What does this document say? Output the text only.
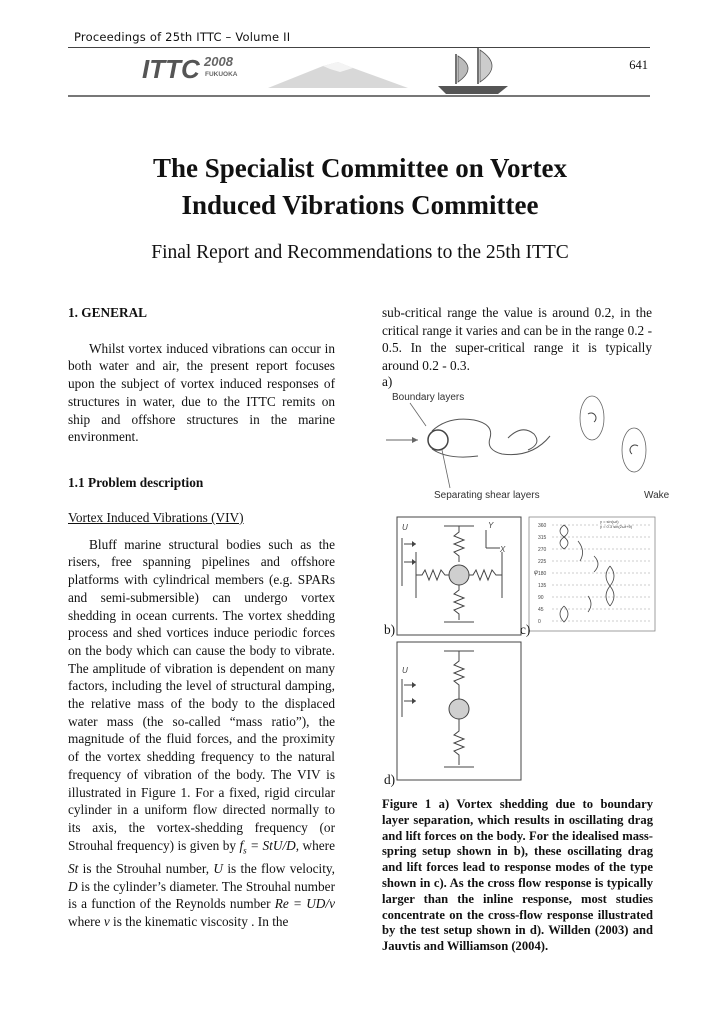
Proceedings of 25th ITTC – Volume II
ITTC 2008
FUKUOKA
641
The Specialist Committee on Vortex
Induced Vibrations Committee
Final Report and Recommendations to the 25th ITTC
1. GENERAL
Whilst vortex induced vibrations can occur in both water and air, the present report focuses upon the subject of vortex induced responses of structures in water, due to the ITTC remits on ship and offshore structures in the marine environment.
1.1 Problem description
Vortex Induced Vibrations (VIV)
Bluff marine structural bodies such as the risers, free spanning pipelines and offshore platforms with cylindrical members (e.g. SPARs and semi-submersible) can undergo vortex shedding in ocean currents. The vortex shedding process and shed vortices induce periodic forces on the body which can cause the body to vibrate. The amplitude of vibration is dependent on many factors, including the level of structural damping, the relative mass of the body to the displaced water mass (the so-called “mass ratio”), the magnitude of the fluid forces, and the proximity of the vortex shedding frequency to the natural frequency of vibration of the body. The VIV is illustrated in Figure 1. For a fixed, rigid circular cylinder in a uniform flow directed normally to its axis, the vortex-shedding frequency (or Strouhal frequency) is given by $f_s = StU/D$, where St is the Strouhal number, U is the flow velocity, D is the cylinder’s diameter. The Strouhal number is a function of the Reynolds number Re = UD/ν where ν is the kinematic viscosity . In the
sub-critical range the value is around 0.2, in the critical range it varies and can be in the range 0.2 - 0.5. In the super-critical range it is typically around 0.2 - 0.3.
a)
Boundary layers
Separating shear layers	Wake
U	Y
X
y = sin(ωt)
y = 0.3 sin(2ωt+θ)
φ
360
315
270
225
180
135
90
45
0
b)	c)
U
d)
Figure 1 a) Vortex shedding due to boundary layer separation, which results in oscillating drag and lift forces on the body. For the idealised mass-spring setup shown in b), these oscillating drag and lift forces lead to response modes of the type shown in c). As the cross flow response is typically larger than the inline response, most studies concentrate on the cross-flow response illustrated by the test setup shown in d). Willden (2003) and Jauvtis and Williamson (2004).
